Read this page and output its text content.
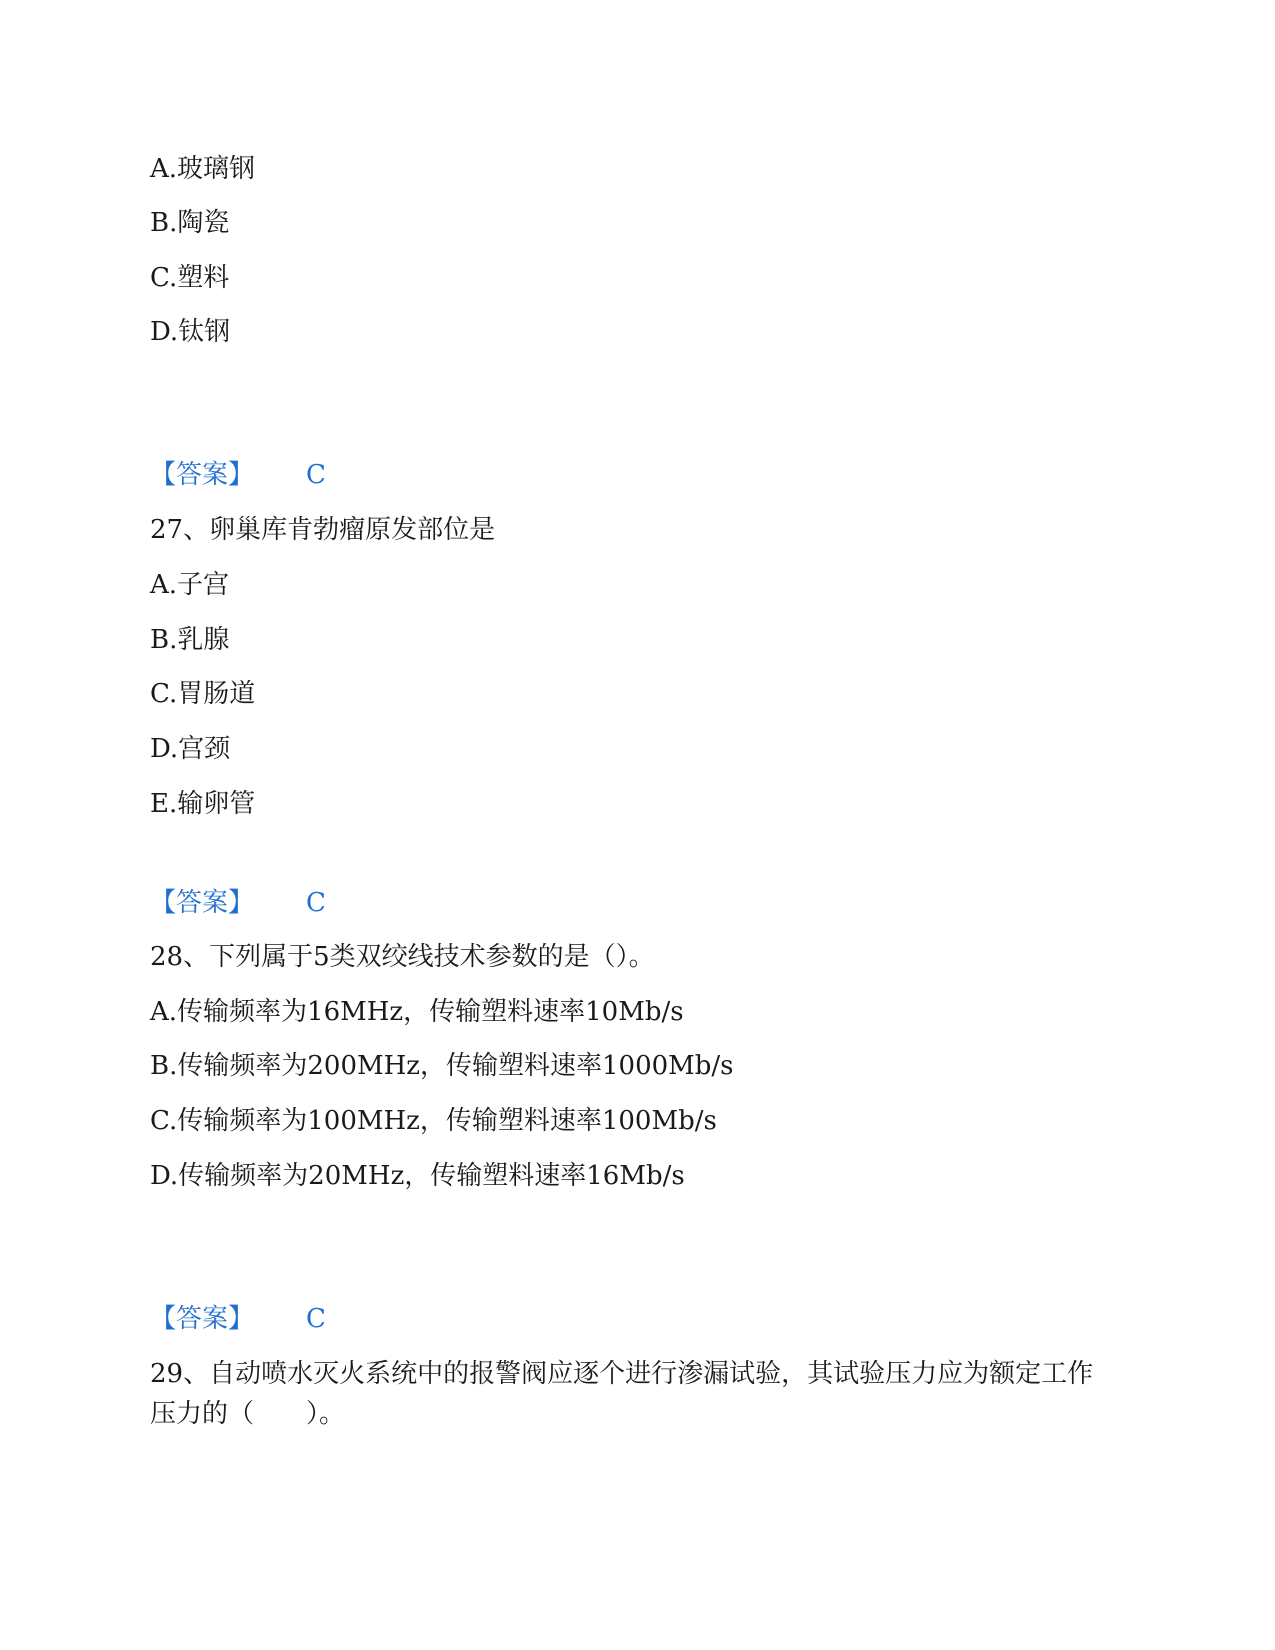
A.玻璃钢
B.陶瓷
C.塑料
D.钛钢
【答案】 C
27、卵巢库肯勃瘤原发部位是
A.子宫
B.乳腺
C.胃肠道
D.宫颈
E.输卵管
【答案】 C
28、下列属于5类双绞线技术参数的是（）。
A.传输频率为16MHz，传输塑料速率10Mb/s
B.传输频率为200MHz，传输塑料速率1000Mb/s
C.传输频率为100MHz，传输塑料速率100Mb/s
D.传输频率为20MHz，传输塑料速率16Mb/s
【答案】 C
29、自动喷水灭火系统中的报警阀应逐个进行渗漏试验，其试验压力应为额定工作压力的（　　）。
